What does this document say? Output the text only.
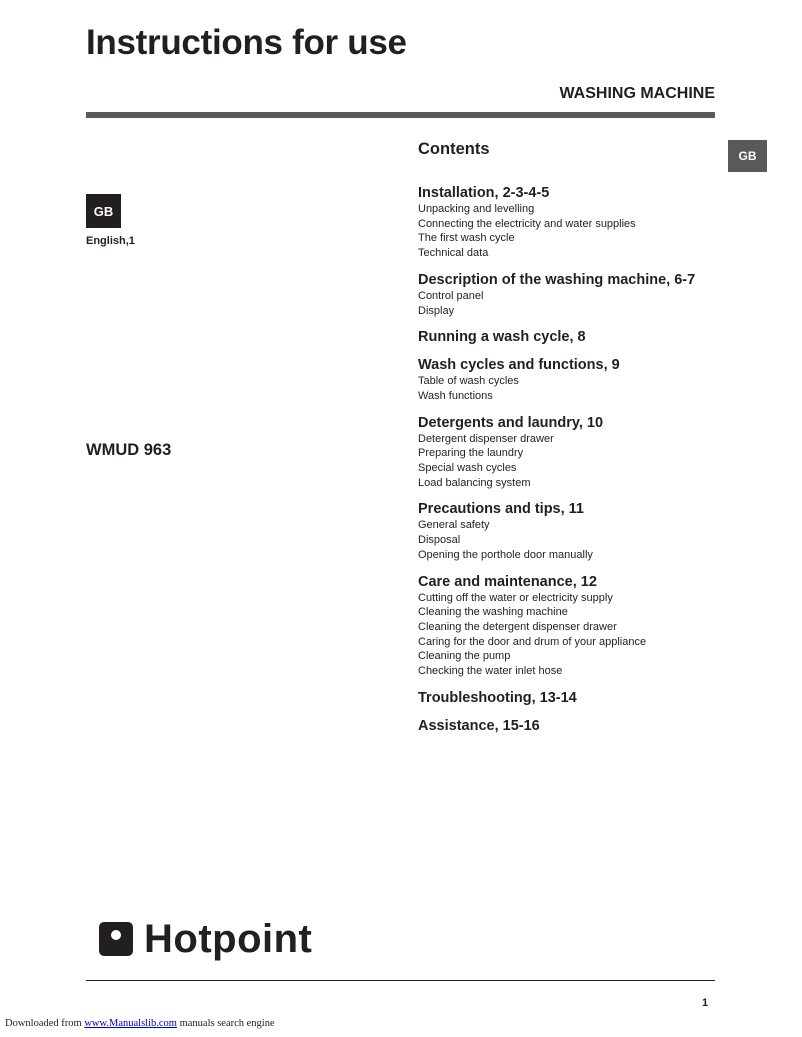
Instructions for use
WASHING MACHINE
GB
GB
English,1
WMUD 963
Contents
Installation, 2-3-4-5
Unpacking and levelling
Connecting the electricity and water supplies
The first wash cycle
Technical data
Description of the washing machine, 6-7
Control panel
Display
Running a wash cycle, 8
Wash cycles and functions, 9
Table of wash cycles
Wash functions
Detergents and laundry, 10
Detergent dispenser drawer
Preparing the laundry
Special wash cycles
Load balancing system
Precautions and tips, 11
General safety
Disposal
Opening the porthole door manually
Care and maintenance, 12
Cutting off the water or electricity supply
Cleaning the washing machine
Cleaning the detergent dispenser drawer
Caring for the door and drum of your appliance
Cleaning the pump
Checking the water inlet hose
Troubleshooting, 13-14
Assistance, 15-16
Hotpoint
1
Downloaded from www.Manualslib.com manuals search engine
